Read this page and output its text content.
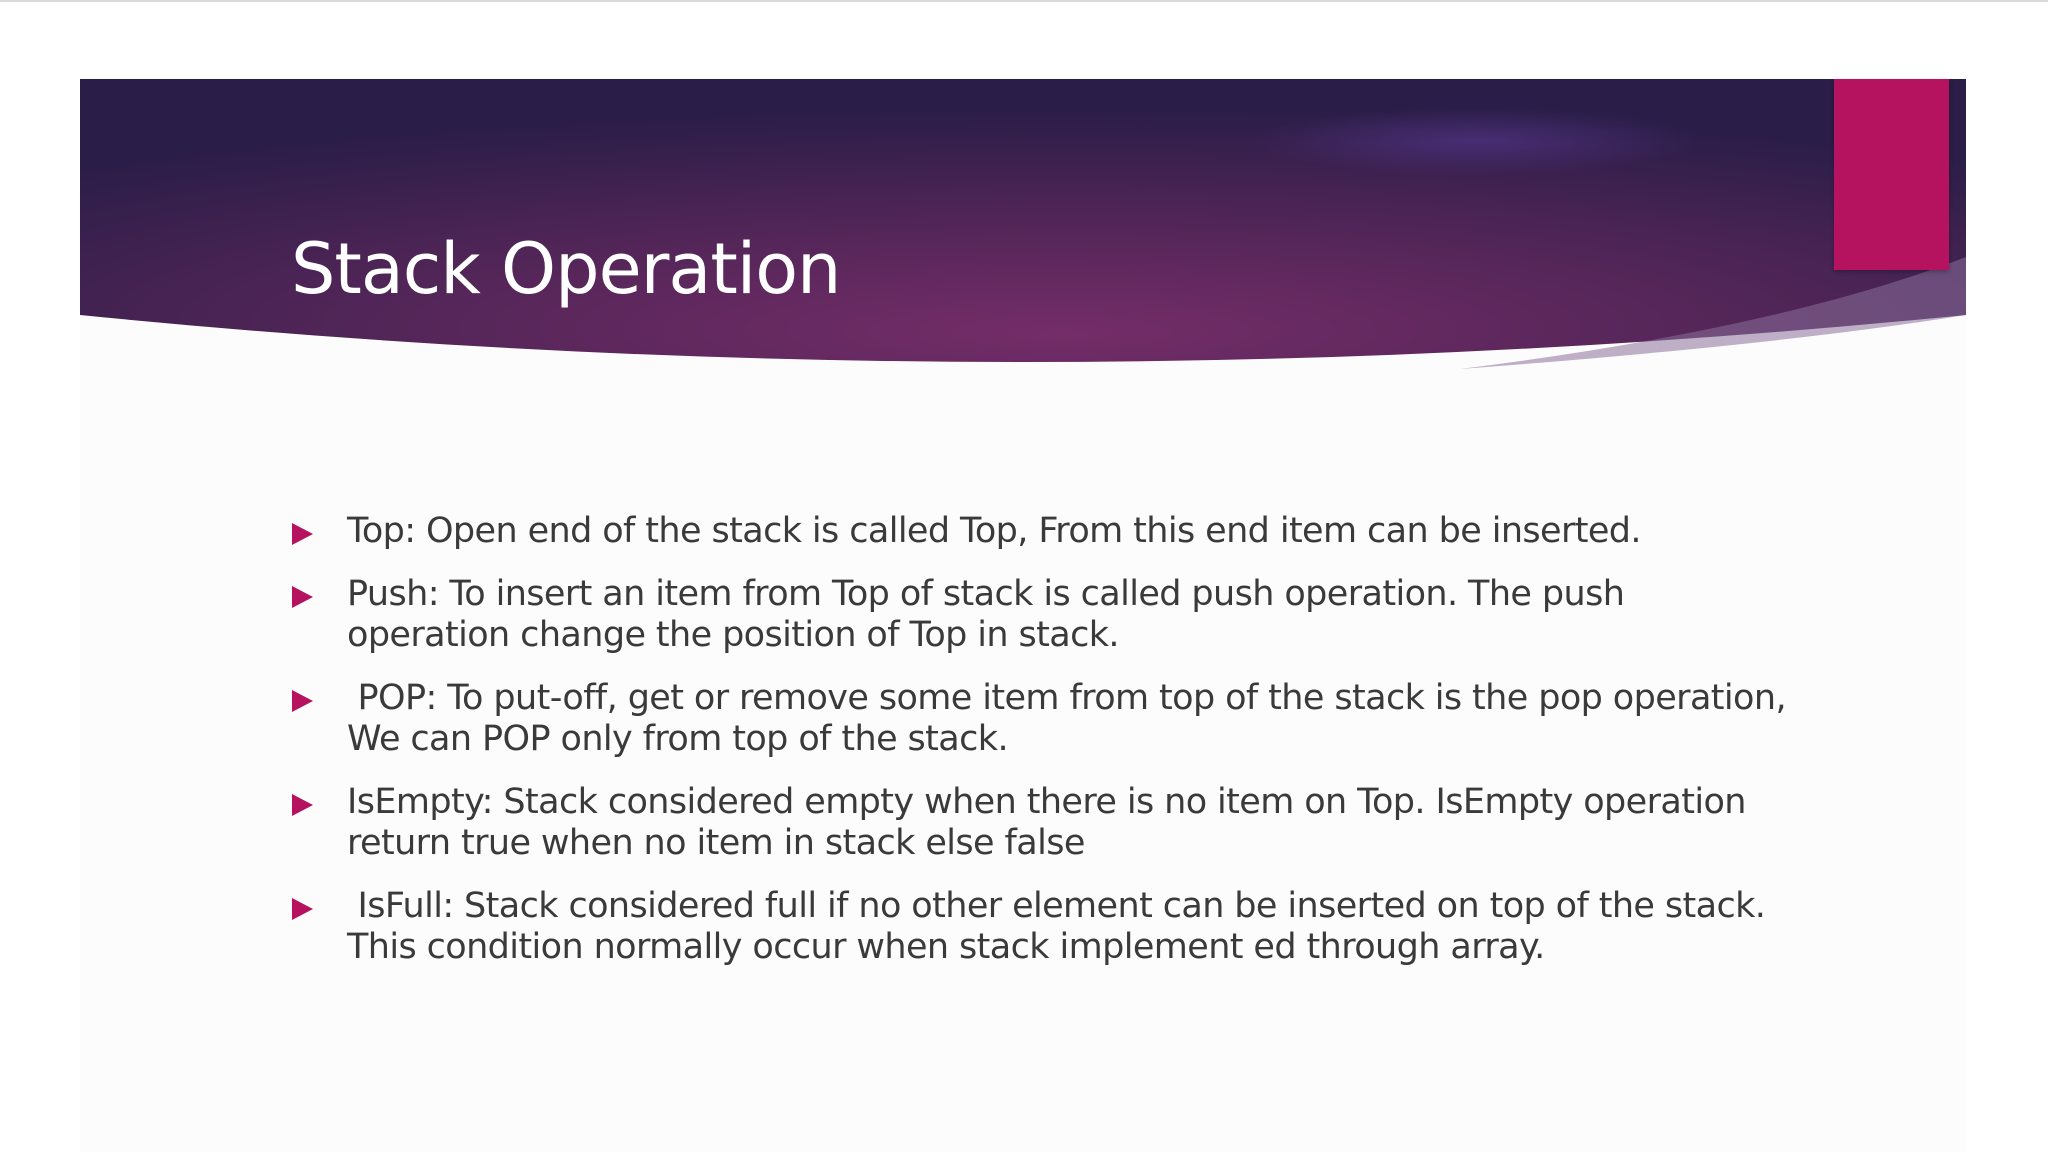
Stack Operation
Top: Open end of the stack is called Top, From this end item can be inserted.
Push: To insert an item from Top of stack is called push operation. The push operation change the position of Top in stack.
POP: To put-off, get or remove some item from top of the stack is the pop operation, We can POP only from top of the stack.
IsEmpty: Stack considered empty when there is no item on Top. IsEmpty operation return true when no item in stack else false
IsFull: Stack considered full if no other element can be inserted on top of the stack. This condition normally occur when stack implement ed through array.
